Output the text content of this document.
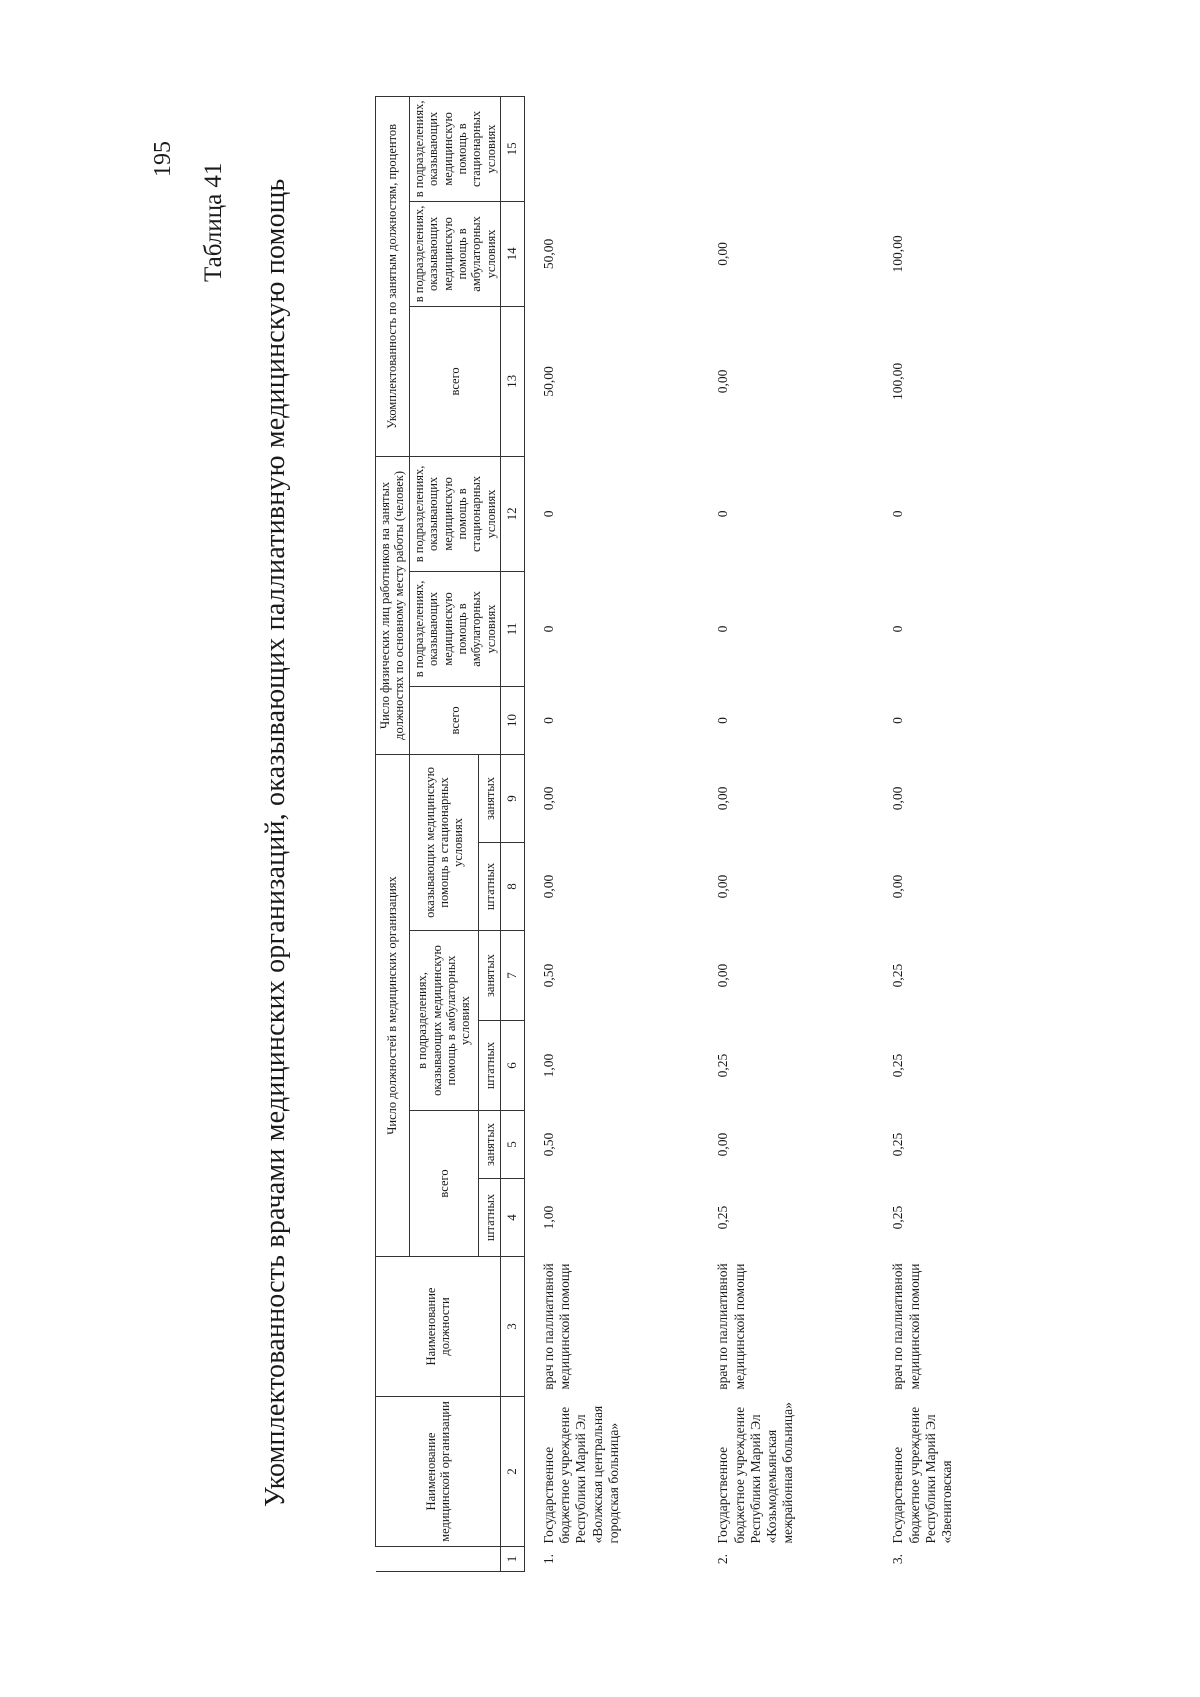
195
Таблица 41 Укомплектованность врачами медицинских организаций, оказывающих паллиативную медицинскую помощь
		Наименование медицинской организации	Наименование должности	Число должностей в медицинских организациях						Число физических лиц работников на занятых должностях по основному месту работы (человек)			Укомплектованность по занятым должностям, процентов		
			всего		в подразделениях, оказывающих медицинскую помощь в амбулаторных условиях		оказывающих медицинскую помощь в стационарных условиях		всего	в подразделениях, оказывающих медицинскую помощь в амбулаторных условиях	в подразделениях, оказывающих медицинскую помощь в стационарных условиях	всего	в подразделениях, оказывающих медицинскую помощь в амбулаторных условиях	в подразделениях, оказывающих медицинскую помощь в стационарных условиях
			штатных	занятых	штатных	занятых	штатных	занятых						
1	2	3	4	5	6	7	8	9	10	11	12	13	14	15
1.	Государственное бюджетное учреждение Республики Марий Эл «Волжская центральная городская больница»	врач по паллиативной медицинской помощи	1,00	0,50	1,00	0,50	0,00	0,00	0	0	0	50,00	50,00	
2.	Государственное бюджетное учреждение Республики Марий Эл «Козьмодемьянская межрайонная больница»	врач по паллиативной медицинской помощи	0,25	0,00	0,25	0,00	0,00	0,00	0	0	0	0,00	0,00	
3.	Государственное бюджетное учреждение Республики Марий Эл «Звениговская	врач по паллиативной медицинской помощи	0,25	0,25	0,25	0,25	0,00	0,00	0	0	0	100,00	100,00	
